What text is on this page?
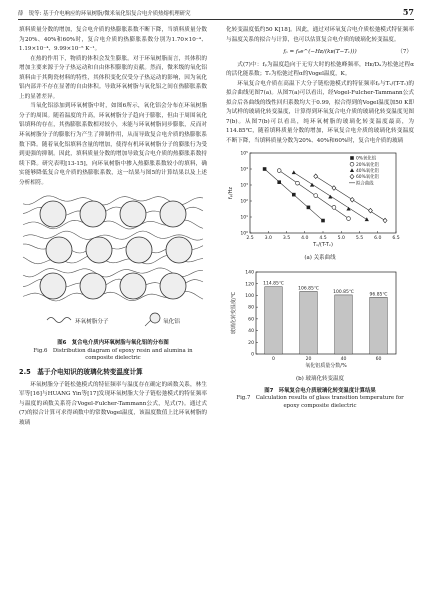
薛　锐等: 基于介电响应的环氧树脂/微米氧化铝复合电介质热熔机理研究	57

填料质量分数的增加，复合电介质的热膨胀系数不断下降，当填料质量分数为20%、40%和60%时，复合电介质的热膨胀系数分别为1.70×10⁻⁴、1.19×10⁻⁴、9.99×10⁻⁵ K⁻¹。

在热的作用下，物质的体积会发生膨胀。对于环氧树脂而言，其体积的增加主要来源于分子热运动和自由体积膨胀的贡献。然而，微米级的氧化铝填料由于其陶瓷材料的特性，其体积变化仅受分子热运动的影响，因为氧化铝内部并不存在显著的自由体积。导致环氧树脂与氧化铝之间在热膨胀系数上的显著差异。

当氧化铝添加到环氧树脂中时，如图6所示，氧化铝会分布在环氧树脂分子的周围。随着温度的升高，环氧树脂分子趋向于膨胀，但由于周围氧化铝填料的存在，其热膨胀系数相对较小，未能与环氧树脂同步膨胀，反而对环氧树脂分子的膨胀行为产生了抑制作用，从而导致复合电介质的热膨胀系数下降。随着氧化铝填料含量的增加，使得有机环氧树脂分子的膨胀行为受到更强的抑制。因此，填料质量分数的增加导致复合电介质的热膨胀系数持续下降。研究表明[13-15]，向环氧树脂中掺入热膨胀系数较小的填料，确实能够降低复合电介质的热膨胀系数，这一结果与图5的计算结果以及上述分析相符。

环氧树脂分子	氧化铝
图6　复合电介质内环氧树脂与氧化铝的分布图
Fig.6　Distribution diagram of epoxy resin and alumina in
composite dielectric
2.5　基于介电知识的玻璃化转变温度计算

环氧树脂分子链松弛模式的特征频率与温度存在确定的函数关系，林生军等[16]与HUANG Yin等[17]发现环氧树脂大分子链松弛模式的特征频率与温度的函数关系符合Vogel-Fulcher-Tammann公式，见式(7)。通过式(7)的拟合计算可求得函数中的常数Vogel温度，该温度数值上比环氧树脂的玻璃

化转变温度低约50 K[18]。因此，通过对环氧复合电介质松弛模式特征频率与温度关系的拟合与计算，也可以估算复合电介质的玻璃化转变温度。

fₚ = f₀e^(−Hᴇ/(kʙ(T−Tᵥ)))	（7）

式(7)中：fₚ为温度趋向于无穷大时的松弛峰频率，Hᴇ/Dₐ为松弛过程α的活化能系数；Tᵥ为松弛过程α的Vogel温度，K。

环氧复合电介质在高温下大分子链松弛模式的特征频率fₚ与Tᵥ/(T-Tᵥ)的拟合曲线见图7(a)。从图7(a)可以看出，经Vogel-Fulcher-Tammann公式拟合后各曲线的线性回归系数均大于0.99，拟合得到的Vogel温度加50 K即为试样的玻璃化转变温度，计算得到环氧复合电介质的玻璃化转变温度见图7(b)。从图7(b)可以看出，纯环氧树脂的玻璃化转变温度最高，为114.85℃，随着填料质量分数的增加，环氧复合电介质的玻璃化转变温度不断下降，当填料质量分数为20%、40%和60%时，复合电介质的玻璃

2.5 3.0 3.5 4.0 4.5 5.0 5.5 6.0 6.5
10⁰
10¹
10²
10³
10⁴
10⁵
Tᵥ/(T-Tᵥ)
fₚ/Hz
0%氧化铝
20%氧化铝
40%氧化铝
60%氧化铝
拟合曲线
(a) 关系曲线
0
20
40
60
80
100
120
140
114.85℃
0
106.85℃
20
100.85℃
40
96.85℃
60
氧化铝质量分数/%
玻璃化转变温度/℃
(b) 玻璃化转变温度
图7　环氧复合电介质玻璃化转变温度计算结果
Fig.7　Calculation results of glass transition temperature for
epoxy composite dielectric
